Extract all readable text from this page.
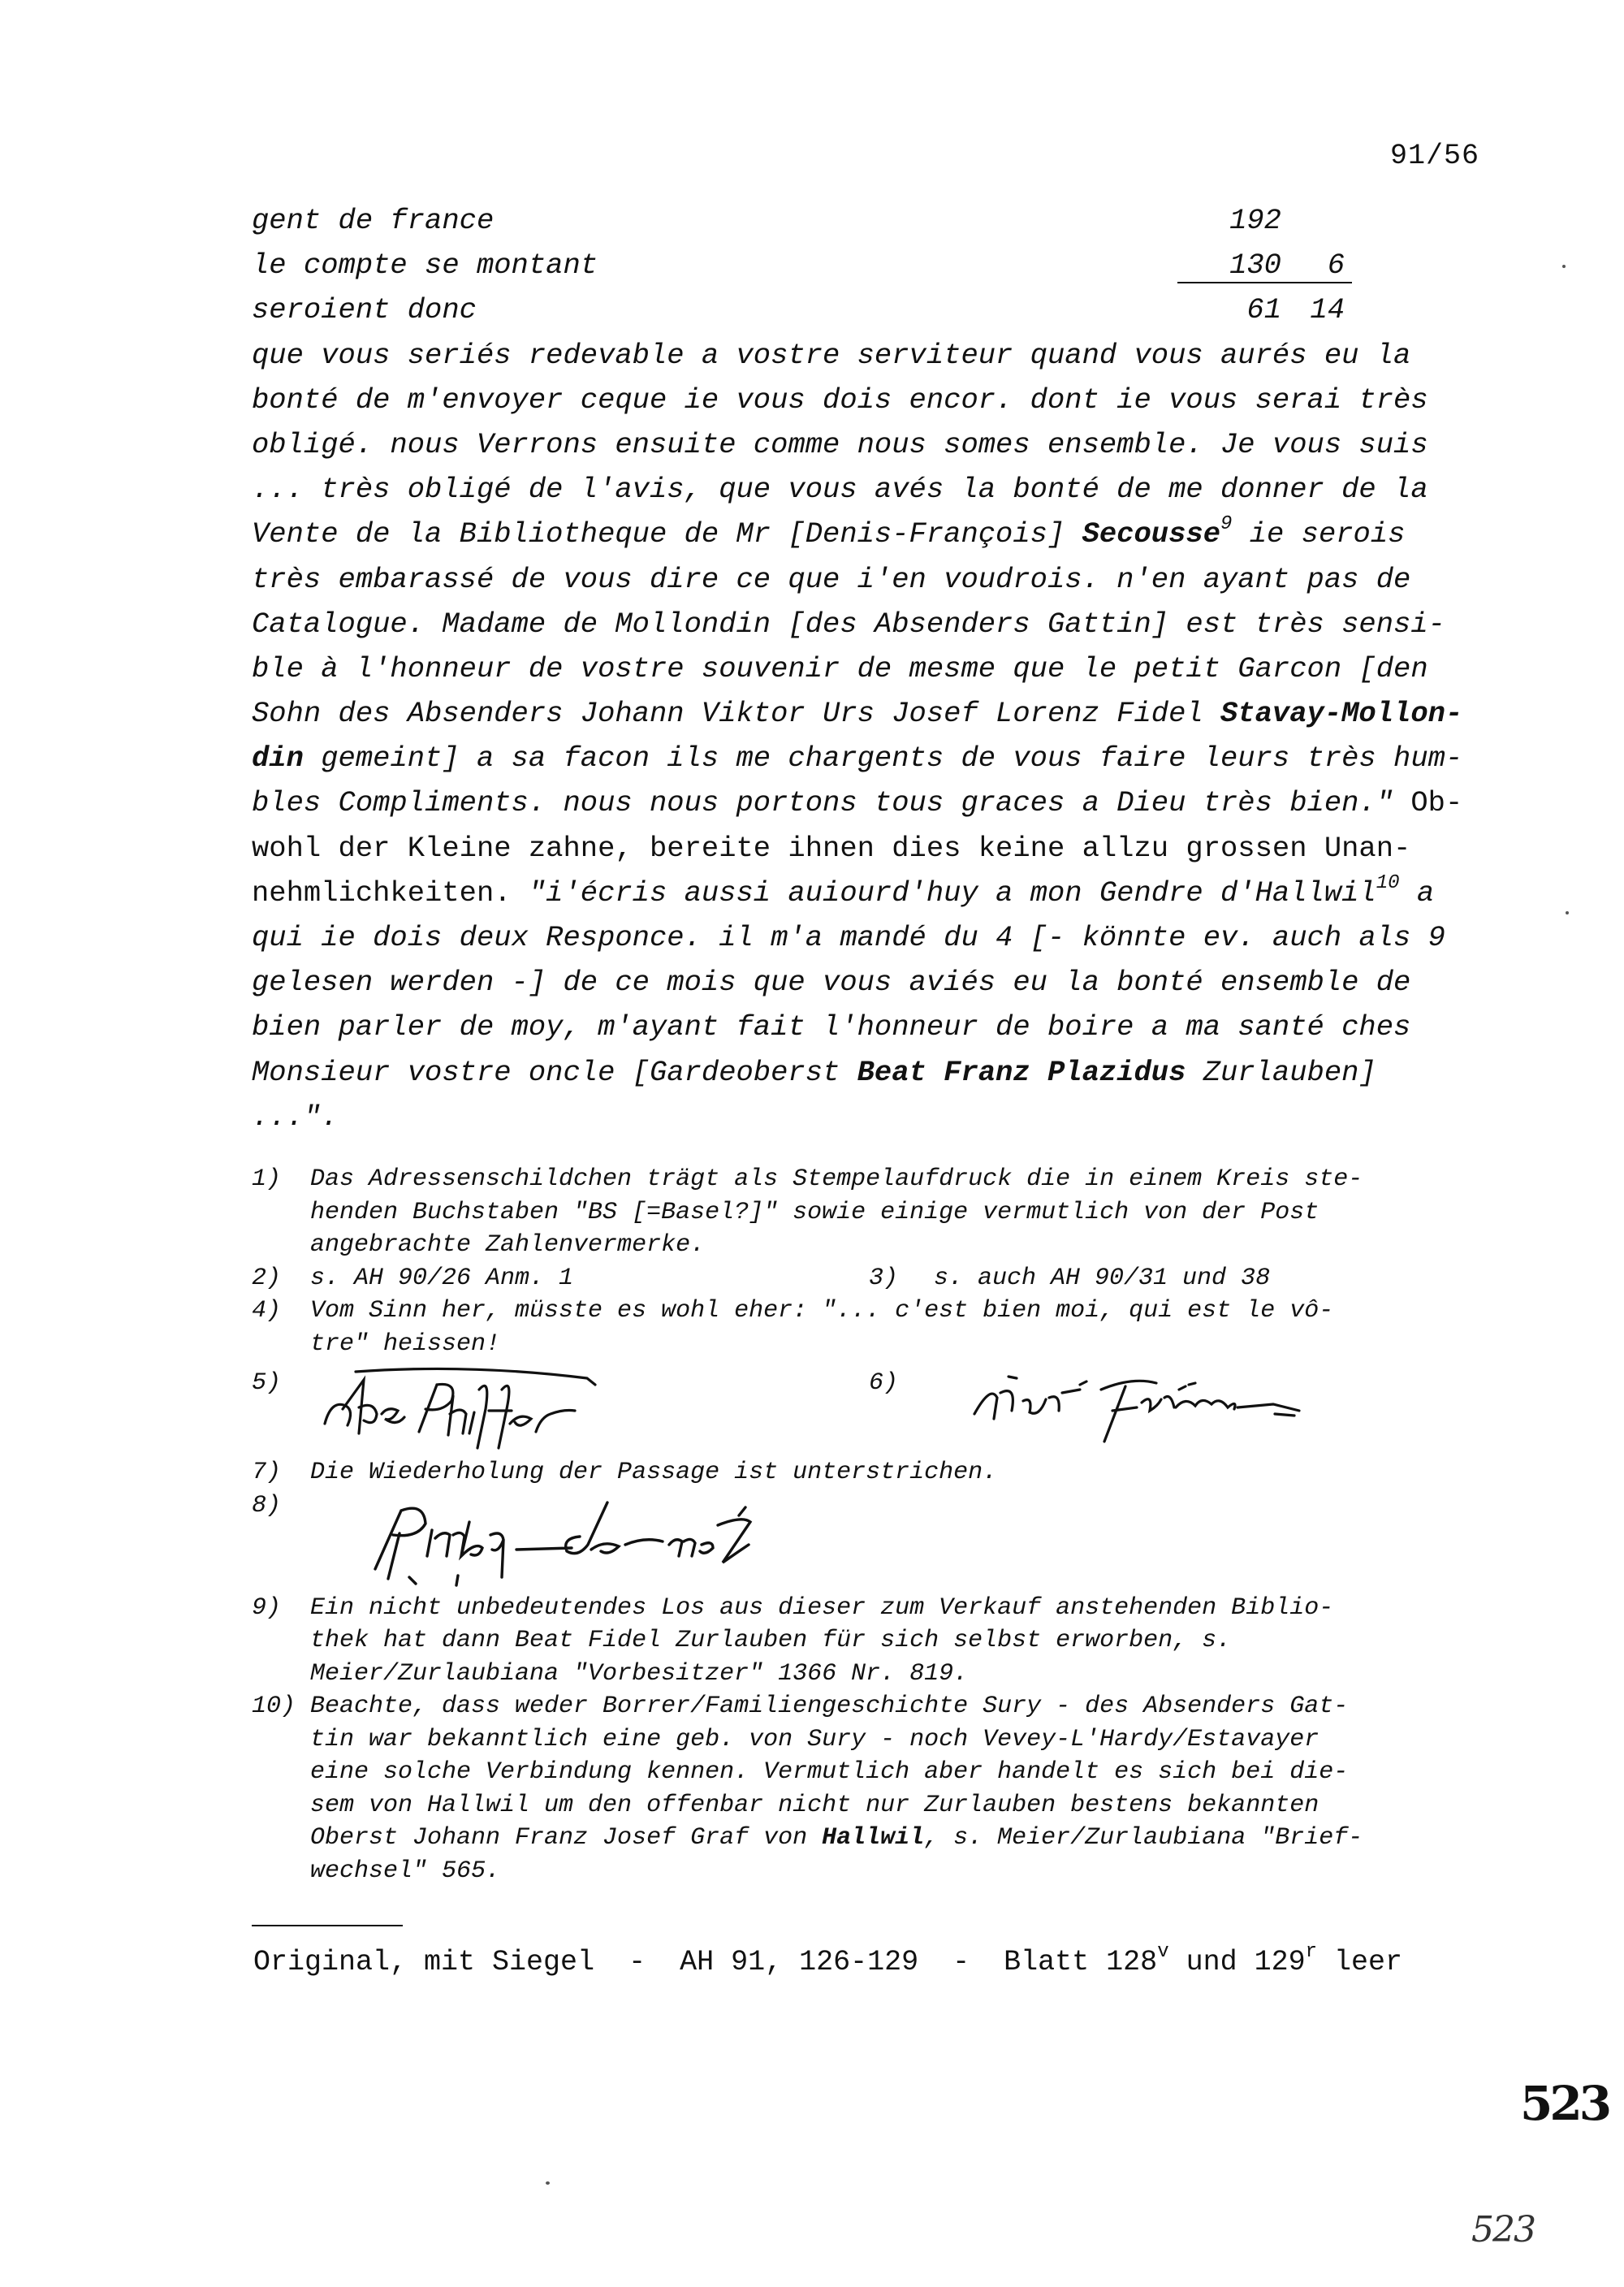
91/56
gent de france	192
le compte se montant	130	6
seroient donc	61 14
que vous seriés redevable a vostre serviteur quand vous aurés eu la
bonté de m'envoyer ceque ie vous dois encor. dont ie vous serai très
obligé. nous Verrons ensuite comme nous somes ensemble. Je vous suis
... très obligé de l'avis, que vous avés la bonté de me donner de la
Vente de la Bibliotheque de Mr [Denis-François] Secousse$^9$ ie serois
très embarassé de vous dire ce que i'en voudrois. n'en ayant pas de
Catalogue. Madame de Mollondin [des Absenders Gattin] est très sensi-
ble à l'honneur de vostre souvenir de mesme que le petit Garcon [den
Sohn des Absenders Johann Viktor Urs Josef Lorenz Fidel Stavay-Mollon-
din gemeint] a sa facon ils me chargents de vous faire leurs très hum-
bles Compliments. nous nous portons tous graces a Dieu très bien." Ob-
wohl der Kleine zahne, bereite ihnen dies keine allzu grossen Unan-
nehmlichkeiten. "i'écris aussi auiourd'huy a mon Gendre d'Hallwil$^{10}$ a
qui ie dois deux Responce. il m'a mandé du 4 [- könnte ev. auch als 9
gelesen werden -] de ce mois que vous aviés eu la bonté ensemble de
bien parler de moy, m'ayant fait l'honneur de boire a ma santé ches
Monsieur vostre oncle [Gardeoberst Beat Franz Plazidus Zurlauben]
...".
1) Das Adressenschildchen trägt als Stempelaufdruck die in einem Kreis ste-
henden Buchstaben "BS [=Basel?]" sowie einige vermutlich von der Post
angebrachte Zahlenvermerke.
2) s. AH 90/26 Anm. 1	3) s. auch AH 90/31 und 38
4) Vom Sinn her, müsste es wohl eher: "... c'est bien moi, qui est le vô-
tre" heissen!
5)	6)
7) Die Wiederholung der Passage ist unterstrichen.
8)
9) Ein nicht unbedeutendes Los aus dieser zum Verkauf anstehenden Biblio-
thek hat dann Beat Fidel Zurlauben für sich selbst erworben, s.
Meier/Zurlaubiana "Vorbesitzer" 1366 Nr. 819.
10) Beachte, dass weder Borrer/Familiengeschichte Sury - des Absenders Gat-
tin war bekanntlich eine geb. von Sury - noch Vevey-L'Hardy/Estavayer
eine solche Verbindung kennen. Vermutlich aber handelt es sich bei die-
sem von Hallwil um den offenbar nicht nur Zurlauben bestens bekannten
Oberst Johann Franz Josef Graf von Hallwil, s. Meier/Zurlaubiana "Brief-
wechsel" 565.
Original, mit Siegel  -  AH 91, 126-129  -  Blatt 128$^v$ und 129$^r$ leer
523
523
